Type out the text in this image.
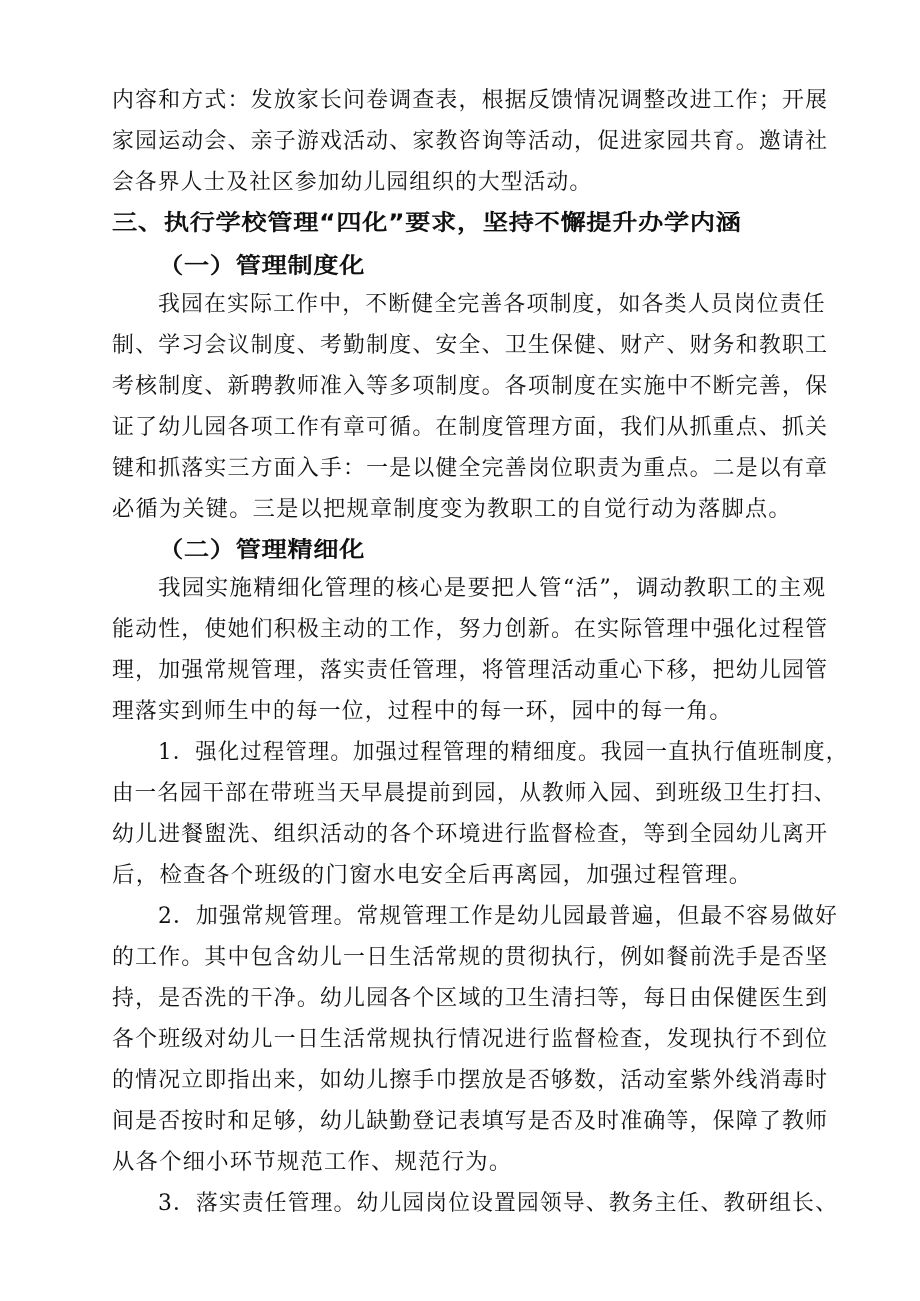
内容和方式：发放家长问卷调查表，根据反馈情况调整改进工作；开展
家园运动会、亲子游戏活动、家教咨询等活动，促进家园共育。邀请社
会各界人士及社区参加幼儿园组织的大型活动。
三、执行学校管理“四化”要求，坚持不懈提升办学内涵
（一）管理制度化
我园在实际工作中，不断健全完善各项制度，如各类人员岗位责任
制、学习会议制度、考勤制度、安全、卫生保健、财产、财务和教职工
考核制度、新聘教师准入等多项制度。各项制度在实施中不断完善，保
证了幼儿园各项工作有章可循。在制度管理方面，我们从抓重点、抓关
键和抓落实三方面入手：一是以健全完善岗位职责为重点。二是以有章
必循为关键。三是以把规章制度变为教职工的自觉行动为落脚点。
（二）管理精细化
我园实施精细化管理的核心是要把人管“活”，调动教职工的主观
能动性，使她们积极主动的工作，努力创新。在实际管理中强化过程管
理，加强常规管理，落实责任管理，将管理活动重心下移，把幼儿园管
理落实到师生中的每一位，过程中的每一环，园中的每一角。
1．强化过程管理。加强过程管理的精细度。我园一直执行值班制度，
由一名园干部在带班当天早晨提前到园，从教师入园、到班级卫生打扫、
幼儿进餐盥洗、组织活动的各个环境进行监督检查，等到全园幼儿离开
后，检查各个班级的门窗水电安全后再离园，加强过程管理。
2．加强常规管理。常规管理工作是幼儿园最普遍，但最不容易做好
的工作。其中包含幼儿一日生活常规的贯彻执行，例如餐前洗手是否坚
持，是否洗的干净。幼儿园各个区域的卫生清扫等，每日由保健医生到
各个班级对幼儿一日生活常规执行情况进行监督检查，发现执行不到位
的情况立即指出来，如幼儿擦手巾摆放是否够数，活动室紫外线消毒时
间是否按时和足够，幼儿缺勤登记表填写是否及时准确等，保障了教师
从各个细小环节规范工作、规范行为。
3．落实责任管理。幼儿园岗位设置园领导、教务主任、教研组长、
